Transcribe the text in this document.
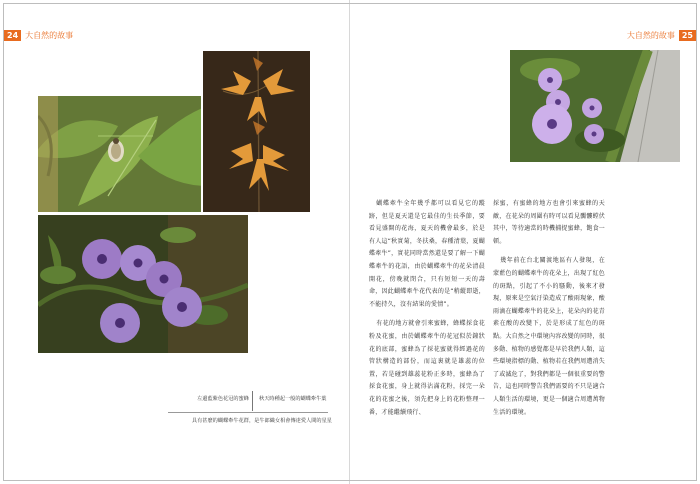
24 大自然的故事
左邊藍紫色花冠的蜜蜂 秋天時種起一般的蝴蝶牽牛葉
具有甚麼的蝴蝶牽牛花群，是牛郎織女相會傳達愛人間的星星
大自然的故事 25

蝴蝶牽牛全年幾乎都可以看見它的蹤跡，但是夏天還是它最佳的生長季節，要看見盛開的花海，夏天的機會最多，於是有人這“秋實菊，冬扶桑，春種清葉，夏蝴蝶牽牛”，實花同時當然還是要了解一下蝴蝶牽牛的花語，由於蝴蝶牽牛的花朵清晨開花，傍晚就閉合，只有短短一天的壽命，因此蝴蝶牽牛花代表的是“稍縱即逝，不能持久，沒有結果的愛情”。

有花的地方就會引來蜜蜂，蜂蝶採食花粉及花蜜，由於蝴蝶牽牛的花冠似於鐘狀花的底部，蜜蜂為了採花蜜就得經過花的管狀構造的部份，而這裏就是雄蕊的位置，若是碰到雄蕊花粉正多時，蜜蜂為了採食花蜜，身上就得沾滿花粉，採完一朵花的花蜜之後，須先把身上的花粉整理一番，才能繼續飛行、

採蜜，有蜜蜂的地方也會引來蜜蜂的天敵，在花朵的周圍有時可以看見髑髏螳伏其中，等待適當的時機捕捉蜜蜂，飽食一頓。

幾年前在台北關渡地區有人發現，在蒙藍色的蝴蝶牽牛的花朵上，出現了紅色的斑點，引起了不小的騷動，後來才發現，原來是空氣汙染造成了酸雨現象，酸雨滴在蝴蝶牽牛的花朵上，花朵內的花青素在酸的改變下，於是形成了紅色的斑點。大自然之中環境內容改變的同時，很多動、植物的感覺都是早於我們人類，這些環境指標的動、植物若在我們周遭消失了或滅危了，對我們都是一個很重要的警告，這也同時警告我們需要的不只是適合人類生活的環境，更是一個適合周遭萬物生活的環境。
